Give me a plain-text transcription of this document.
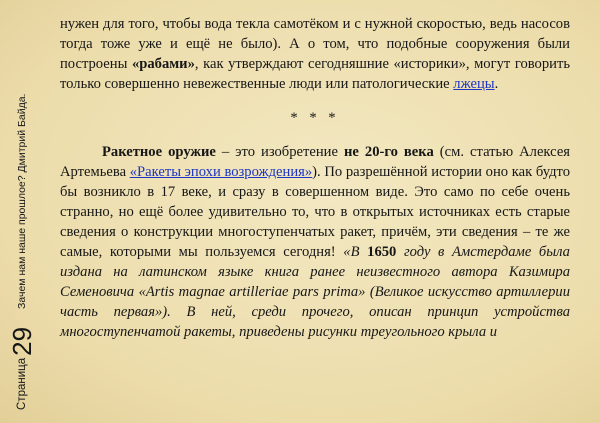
Страница
29
Зачем нам наше прошлое? Дмитрий Байда.

нужен для того, чтобы вода текла самотёком и с нужной скоростью, ведь насосов тогда тоже уже и ещё не было). А о том, что подобные сооружения были построены «рабами», как утверждают сегодняшние «историки», могут говорить только совершенно невежественные люди или патологические лжецы.

* * *

Ракетное оружие – это изобретение не 20-го века (см. статью Алексея Артемьева «Ракеты эпохи возрождения»). По разрешённой истории оно как будто бы возникло в 17 веке, и сразу в совершенном виде. Это само по себе очень странно, но ещё более удивительно то, что в открытых источниках есть старые сведения о конструкции многоступенчатых ракет, причём, эти сведения – те же самые, которыми мы пользуемся сегодня! «В 1650 году в Амстердаме была издана на латинском языке книга ранее неизвестного автора Казимира Семеновича «Artis magnae artilleriae pars prima» (Великое искусство артиллерии часть первая»). В ней, среди прочего, описан принцип устройства многоступенчатой ракеты, приведены рисунки треугольного крыла и
